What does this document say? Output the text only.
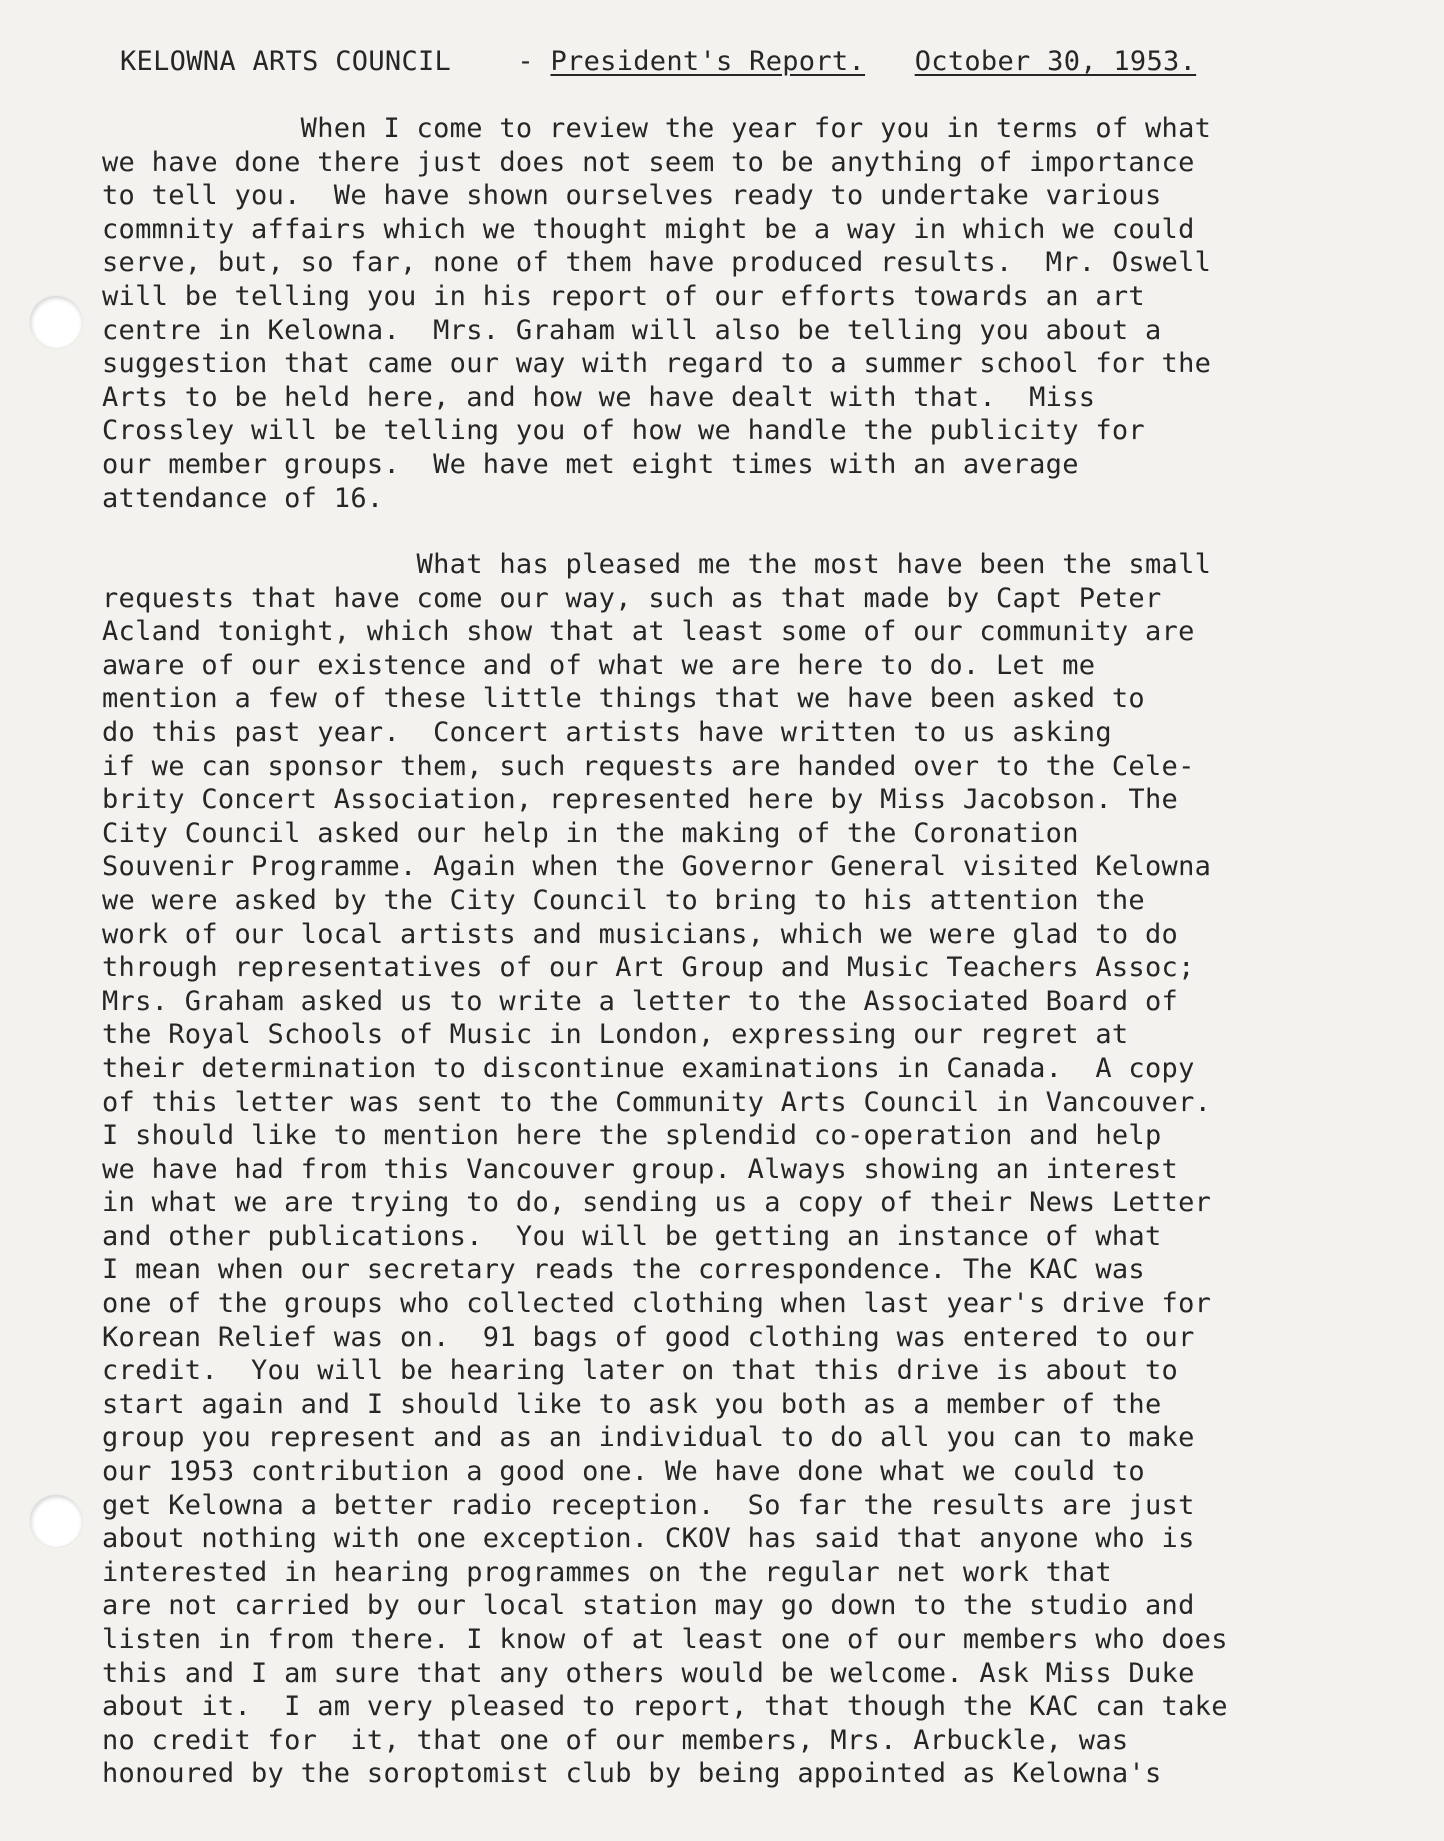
KELOWNA ARTS COUNCIL - President's Report. October 30, 1953.
When I come to review the year for you in terms of what
we have done there just does not seem to be anything of importance
to tell you.  We have shown ourselves ready to undertake various
commnity affairs which we thought might be a way in which we could
serve, but, so far, none of them have produced results.  Mr. Oswell
will be telling you in his report of our efforts towards an art
centre in Kelowna.  Mrs. Graham will also be telling you about a
suggestion that came our way with regard to a summer school for the
Arts to be held here, and how we have dealt with that.  Miss
Crossley will be telling you of how we handle the publicity for
our member groups.  We have met eight times with an average
attendance of 16.
What has pleased me the most have been the small
requests that have come our way, such as that made by Capt Peter
Acland tonight, which show that at least some of our community are
aware of our existence and of what we are here to do. Let me
mention a few of these little things that we have been asked to
do this past year.  Concert artists have written to us asking
if we can sponsor them, such requests are handed over to the Cele-
brity Concert Association, represented here by Miss Jacobson. The
City Council asked our help in the making of the Coronation
Souvenir Programme. Again when the Governor General visited Kelowna
we were asked by the City Council to bring to his attention the
work of our local artists and musicians, which we were glad to do
through representatives of our Art Group and Music Teachers Assoc;
Mrs. Graham asked us to write a letter to the Associated Board of
the Royal Schools of Music in London, expressing our regret at
their determination to discontinue examinations in Canada.  A copy
of this letter was sent to the Community Arts Council in Vancouver.
I should like to mention here the splendid co-operation and help
we have had from this Vancouver group. Always showing an interest
in what we are trying to do, sending us a copy of their News Letter
and other publications.  You will be getting an instance of what
I mean when our secretary reads the correspondence. The KAC was
one of the groups who collected clothing when last year's drive for
Korean Relief was on.  91 bags of good clothing was entered to our
credit.  You will be hearing later on that this drive is about to
start again and I should like to ask you both as a member of the
group you represent and as an individual to do all you can to make
our 1953 contribution a good one. We have done what we could to
get Kelowna a better radio reception.  So far the results are just
about nothing with one exception. CKOV has said that anyone who is
interested in hearing programmes on the regular net work that
are not carried by our local station may go down to the studio and
listen in from there. I know of at least one of our members who does
this and I am sure that any others would be welcome. Ask Miss Duke
about it.  I am very pleased to report, that though the KAC can take
no credit for  it, that one of our members, Mrs. Arbuckle, was
honoured by the soroptomist club by being appointed as Kelowna's
